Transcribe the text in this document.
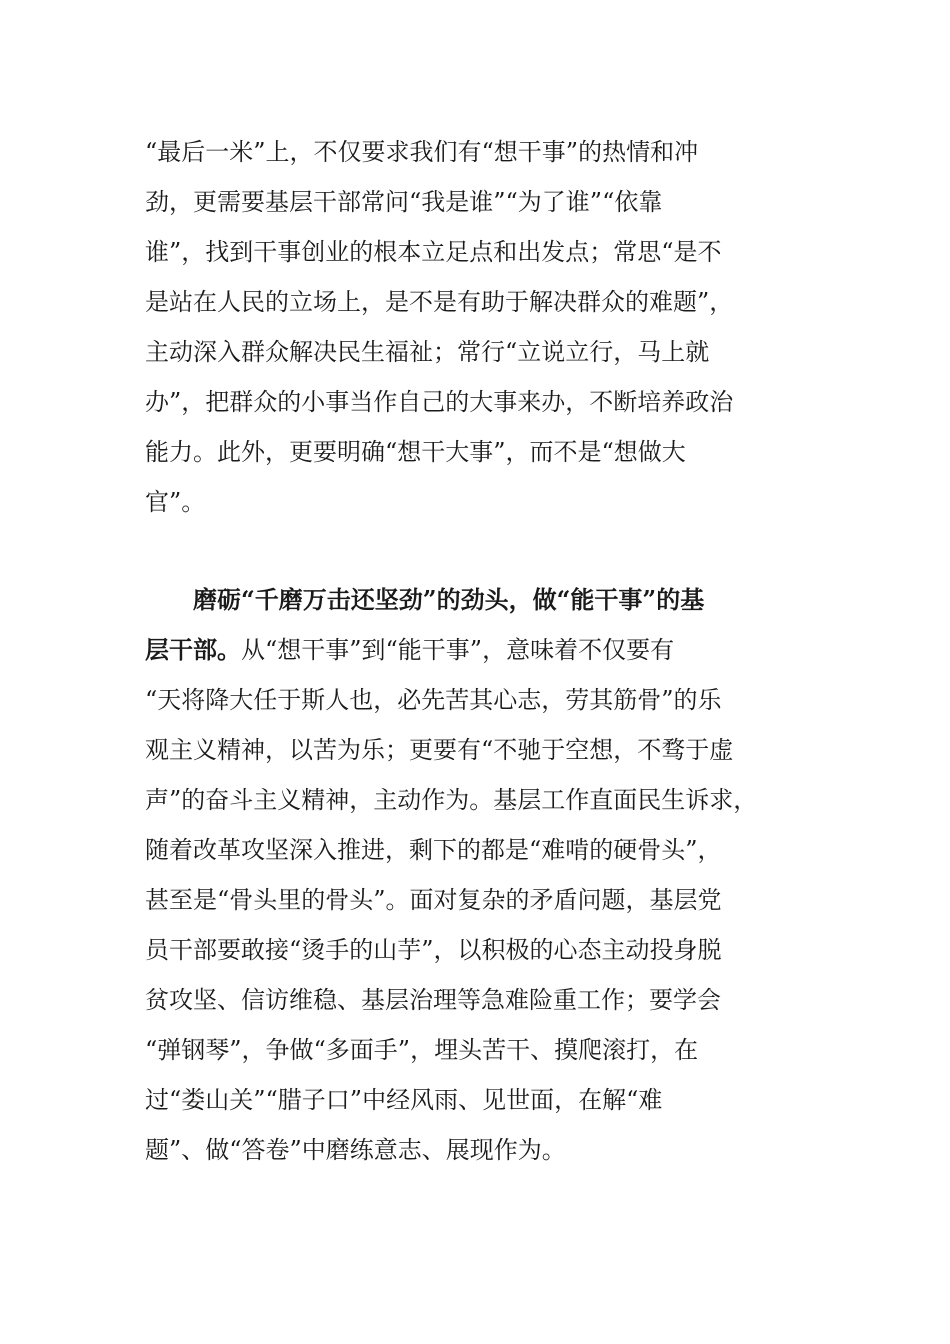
“最后一米”上，不仅要求我们有“想干事”的热情和冲
劲，更需要基层干部常问“我是谁”“为了谁”“依靠
谁”，找到干事创业的根本立足点和出发点；常思“是不
是站在人民的立场上，是不是有助于解决群众的难题”，
主动深入群众解决民生福祉；常行“立说立行，马上就
办”，把群众的小事当作自己的大事来办，不断培养政治
能力。此外，更要明确“想干大事”，而不是“想做大
官”。
　　磨砺“千磨万击还坚劲”的劲头，做“能干事”的基
层干部。从“想干事”到“能干事”，意味着不仅要有
“天将降大任于斯人也，必先苦其心志，劳其筋骨”的乐
观主义精神，以苦为乐；更要有“不驰于空想，不骛于虚
声”的奋斗主义精神，主动作为。基层工作直面民生诉求，
随着改革攻坚深入推进，剩下的都是“难啃的硬骨头”，
甚至是“骨头里的骨头”。面对复杂的矛盾问题，基层党
员干部要敢接“烫手的山芋”，以积极的心态主动投身脱
贫攻坚、信访维稳、基层治理等急难险重工作；要学会
“弹钢琴”，争做“多面手”，埋头苦干、摸爬滚打，在
过“娄山关”“腊子口”中经风雨、见世面，在解“难
题”、做“答卷”中磨练意志、展现作为。
